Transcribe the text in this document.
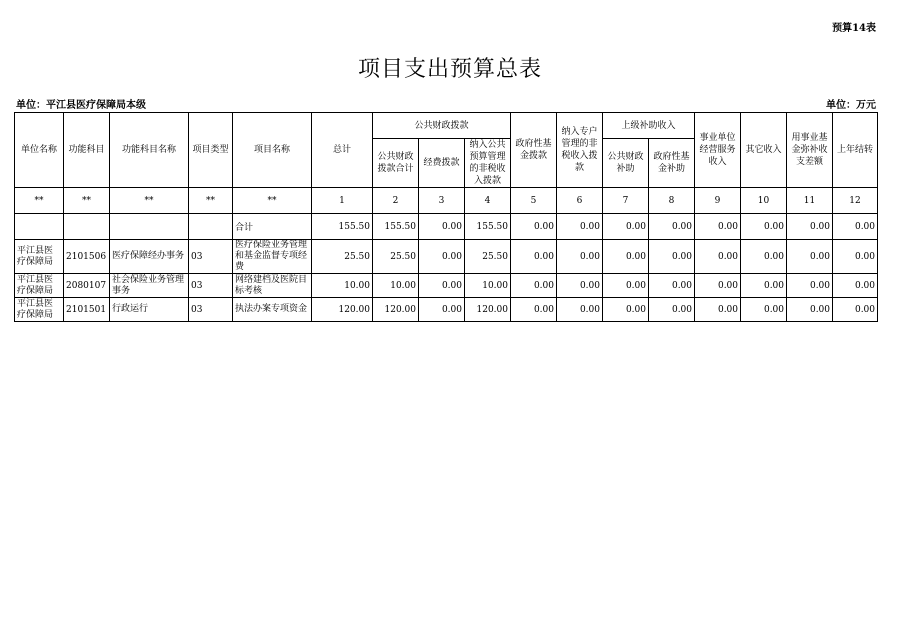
预算14表
项目支出预算总表
单位：平江县医疗保障局本级	单位：万元
单位名称	功能科目	功能科目名称	项目类型	项目名称	总计	公共财政拨款			政府性基金拨款	纳入专户管理的非税收入拨款	上级补助收入		事业单位经营服务收入	其它收入	用事业基金弥补收支差额	上年结转
						公共财政拨款合计	经费拨款	纳入公共预算管理的非税收入拨款			公共财政补助	政府性基金补助				
**	**	**	**	**	1	2	3	4	5	6	7	8	9	10	11	12
				合计	155.50	155.50	0.00	155.50	0.00	0.00	0.00	0.00	0.00	0.00	0.00	0.00
平江县医疗保障局	2101506	医疗保障经办事务	03	医疗保险业务管理和基金监督专项经费	25.50	25.50	0.00	25.50	0.00	0.00	0.00	0.00	0.00	0.00	0.00	0.00
平江县医疗保障局	2080107	社会保险业务管理事务	03	网络建档及医院目标考核	10.00	10.00	0.00	10.00	0.00	0.00	0.00	0.00	0.00	0.00	0.00	0.00
平江县医疗保障局	2101501	行政运行	03	执法办案专项资金	120.00	120.00	0.00	120.00	0.00	0.00	0.00	0.00	0.00	0.00	0.00	0.00
